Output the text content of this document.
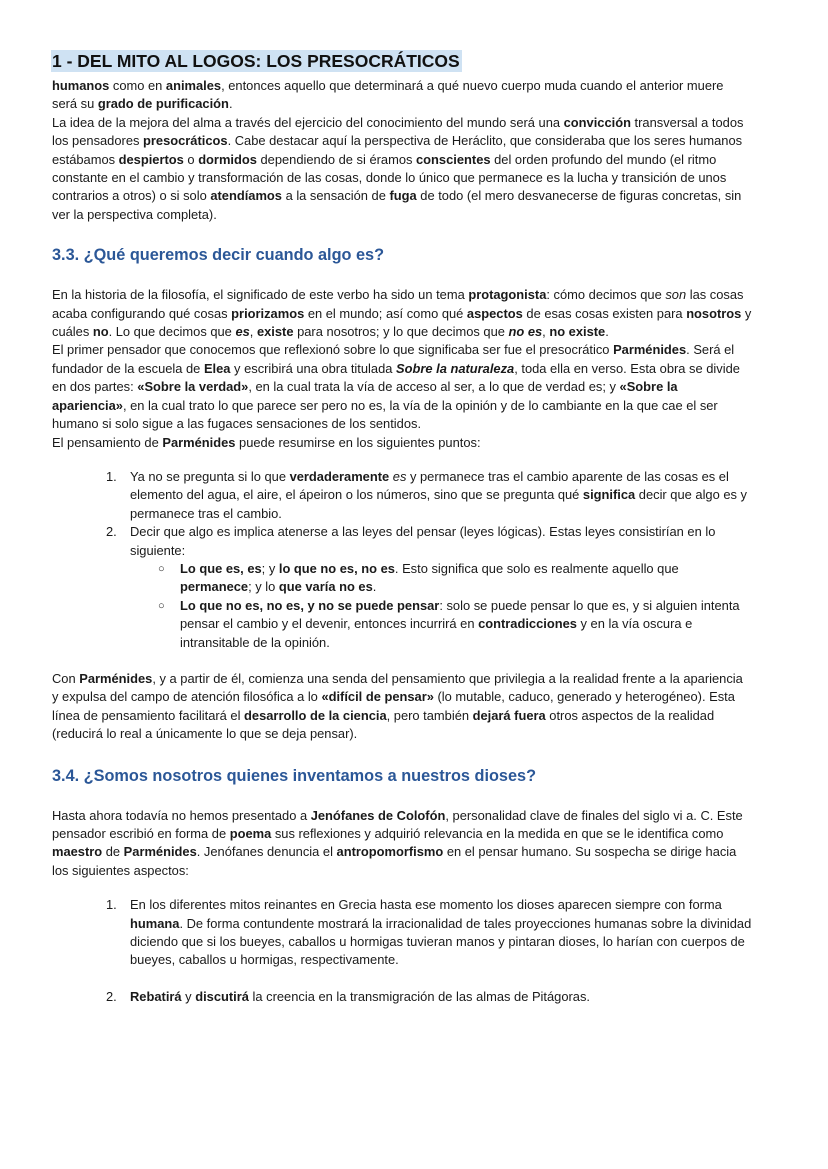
1 - DEL MITO AL LOGOS: LOS PRESOCRÁTICOS

humanos como en animales, entonces aquello que determinará a qué nuevo cuerpo muda cuando el anterior muere será su grado de purificación.

La idea de la mejora del alma a través del ejercicio del conocimiento del mundo será una convicción transversal a todos los pensadores presocráticos. Cabe destacar aquí la perspectiva de Heráclito, que consideraba que los seres humanos estábamos despiertos o dormidos dependiendo de si éramos conscientes del orden profundo del mundo (el ritmo constante en el cambio y transformación de las cosas, donde lo único que permanece es la lucha y transición de unos contrarios a otros) o si solo atendíamos a la sensación de fuga de todo (el mero desvanecerse de figuras concretas, sin ver la perspectiva completa).

3.3. ¿Qué queremos decir cuando algo es?

En la historia de la filosofía, el significado de este verbo ha sido un tema protagonista: cómo decimos que son las cosas acaba configurando qué cosas priorizamos en el mundo; así como qué aspectos de esas cosas existen para nosotros y cuáles no. Lo que decimos que es, existe para nosotros; y lo que decimos que no es, no existe.

El primer pensador que conocemos que reflexionó sobre lo que significaba ser fue el presocrático Parménides. Será el fundador de la escuela de Elea y escribirá una obra titulada Sobre la naturaleza, toda ella en verso. Esta obra se divide en dos partes: «Sobre la verdad», en la cual trata la vía de acceso al ser, a lo que de verdad es; y «Sobre la apariencia», en la cual trato lo que parece ser pero no es, la vía de la opinión y de lo cambiante en la que cae el ser humano si solo sigue a las fugaces sensaciones de los sentidos.

El pensamiento de Parménides puede resumirse en los siguientes puntos:

1. Ya no se pregunta si lo que verdaderamente es y permanece tras el cambio aparente de las cosas es el elemento del agua, el aire, el ápeiron o los números, sino que se pregunta qué significa decir que algo es y permanece tras el cambio.
2. Decir que algo es implica atenerse a las leyes del pensar (leyes lógicas). Estas leyes consistirían en lo siguiente:
○ Lo que es, es; y lo que no es, no es. Esto significa que solo es realmente aquello que permanece; y lo que varía no es.
○ Lo que no es, no es, y no se puede pensar: solo se puede pensar lo que es, y si alguien intenta pensar el cambio y el devenir, entonces incurrirá en contradicciones y en la vía oscura e intransitable de la opinión.

Con Parménides, y a partir de él, comienza una senda del pensamiento que privilegia a la realidad frente a la apariencia y expulsa del campo de atención filosófica a lo «difícil de pensar» (lo mutable, caduco, generado y heterogéneo). Esta línea de pensamiento facilitará el desarrollo de la ciencia, pero también dejará fuera otros aspectos de la realidad (reducirá lo real a únicamente lo que se deja pensar).

3.4. ¿Somos nosotros quienes inventamos a nuestros dioses?

Hasta ahora todavía no hemos presentado a Jenófanes de Colofón, personalidad clave de finales del siglo vi a. C. Este pensador escribió en forma de poema sus reflexiones y adquirió relevancia en la medida en que se le identifica como maestro de Parménides. Jenófanes denuncia el antropomorfismo en el pensar humano. Su sospecha se dirige hacia los siguientes aspectos:

1. En los diferentes mitos reinantes en Grecia hasta ese momento los dioses aparecen siempre con forma humana. De forma contundente mostrará la irracionalidad de tales proyecciones humanas sobre la divinidad diciendo que si los bueyes, caballos u hormigas tuvieran manos y pintaran dioses, lo harían con cuerpos de bueyes, caballos u hormigas, respectivamente.
2. Rebatirá y discutirá la creencia en la transmigración de las almas de Pitágoras.
